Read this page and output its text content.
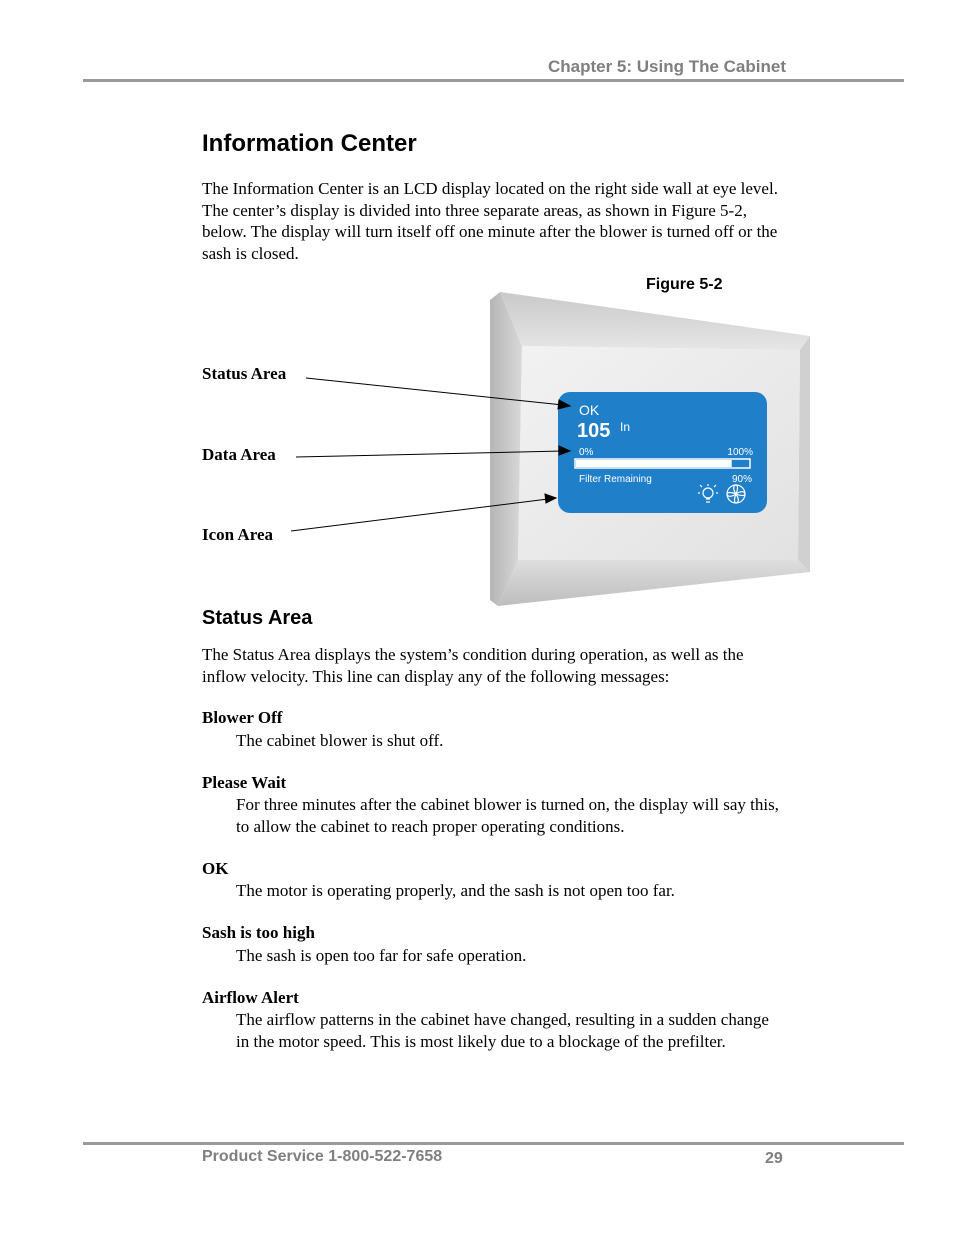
Chapter 5: Using The Cabinet
Information Center

The Information Center is an LCD display located on the right side wall at eye level. The center’s display is divided into three separate areas, as shown in Figure 5-2, below. The display will turn itself off one minute after the blower is turned off or the sash is closed.

Figure 5-2
OK
105 In
0%	100%
Filter Remaining	90%
Status Area
Data Area
Icon Area
Status Area

The Status Area displays the system’s condition during operation, as well as the inflow velocity. This line can display any of the following messages:

Blower Off

The cabinet blower is shut off.

Please Wait

For three minutes after the cabinet blower is turned on, the display will say this, to allow the cabinet to reach proper operating conditions.

OK

The motor is operating properly, and the sash is not open too far.

Sash is too high

The sash is open too far for safe operation.

Airflow Alert

The airflow patterns in the cabinet have changed, resulting in a sudden change in the motor speed. This is most likely due to a blockage of the prefilter.

Product Service 1-800-522-7658	29
